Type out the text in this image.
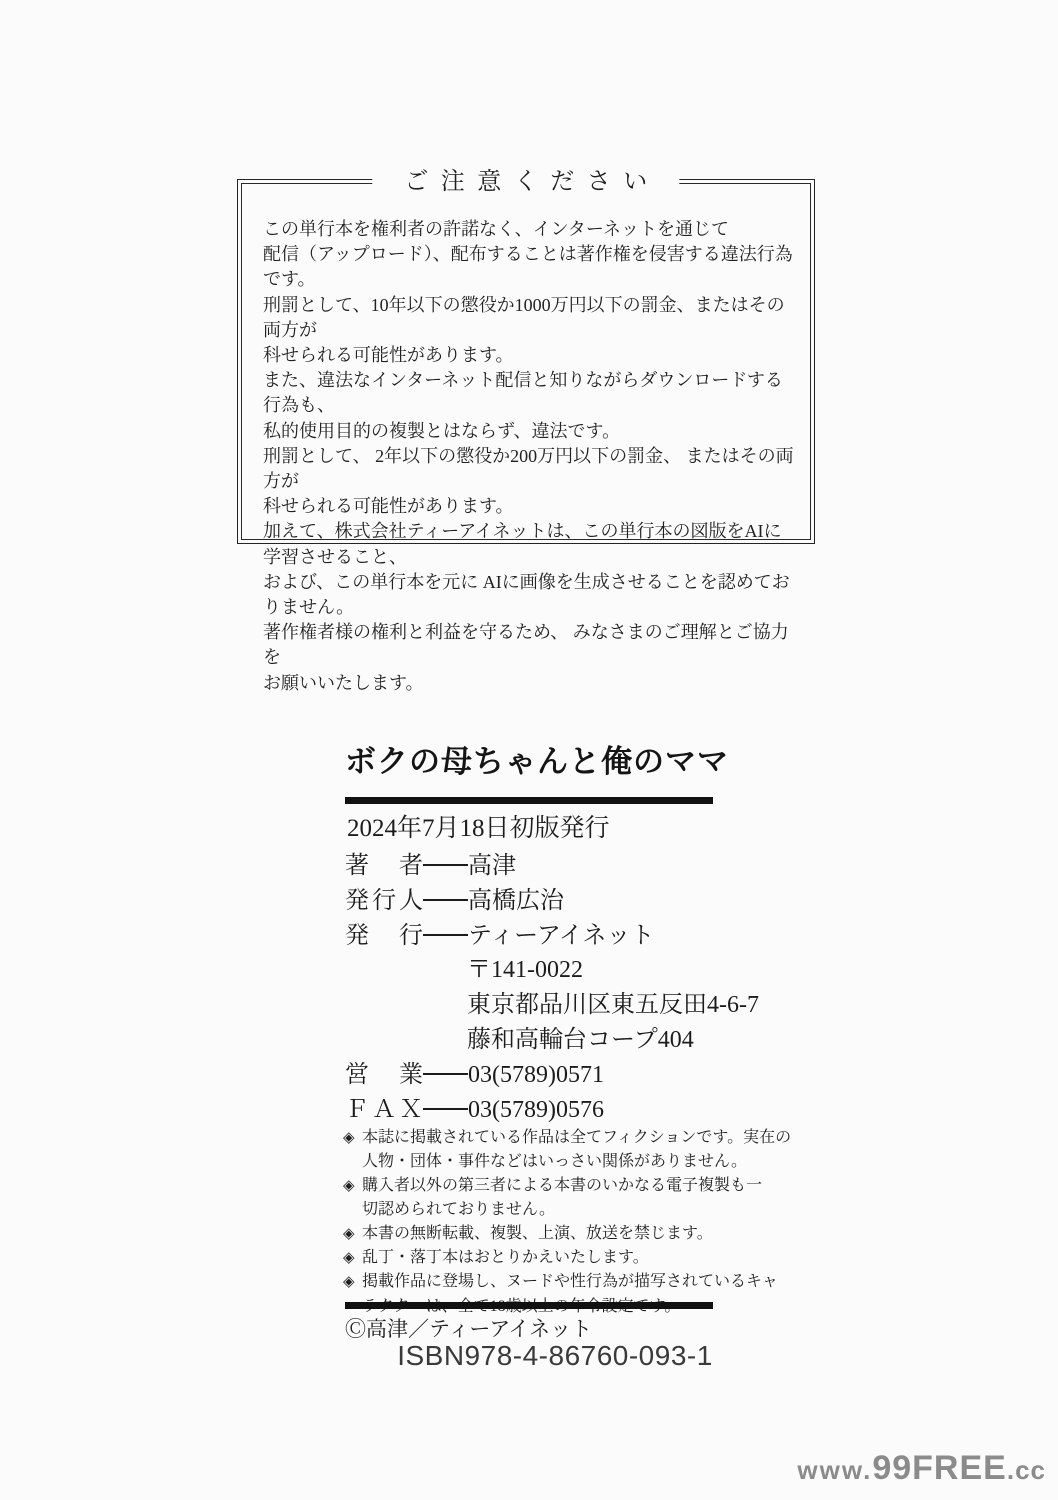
ご注意ください
この単行本を権利者の許諾なく、インターネットを通じて
配信（アップロード）、配布することは著作権を侵害する違法行為です。
刑罰として、10年以下の懲役か1000万円以下の罰金、またはその両方が
科せられる可能性があります。
また、違法なインターネット配信と知りながらダウンロードする行為も、
私的使用目的の複製とはならず、違法です。
刑罰として、 2年以下の懲役か200万円以下の罰金、 またはその両方が
科せられる可能性があります。
加えて、株式会社ティーアイネットは、この単行本の図版をAIに学習させること、
および、この単行本を元に AIに画像を生成させることを認めておりません。
著作権者様の権利と利益を守るため、 みなさまのご理解とご協力を
お願いいたします。
ボクの母ちゃんと俺のママ
2024年7月18日初版発行
著者 高津
発行人 高橋広治
発行 ティーアイネット
〒141-0022
東京都品川区東五反田4-6-7
藤和高輪台コープ404
営業 03(5789)0571
ＦＡＸ 03(5789)0576
◈ 本誌に掲載されている作品は全てフィクションです。実在の
人物・団体・事件などはいっさい関係がありません。
◈ 購入者以外の第三者による本書のいかなる電子複製も一
切認められておりません。
◈ 本書の無断転載、複製、上演、放送を禁じます。
◈ 乱丁・落丁本はおとりかえいたします。
◈ 掲載作品に登場し、ヌードや性行為が描写されているキャ
Ⓒ高津／ティーアイネット
ISBN978-4-86760-093-1
www.99FREE.cc
